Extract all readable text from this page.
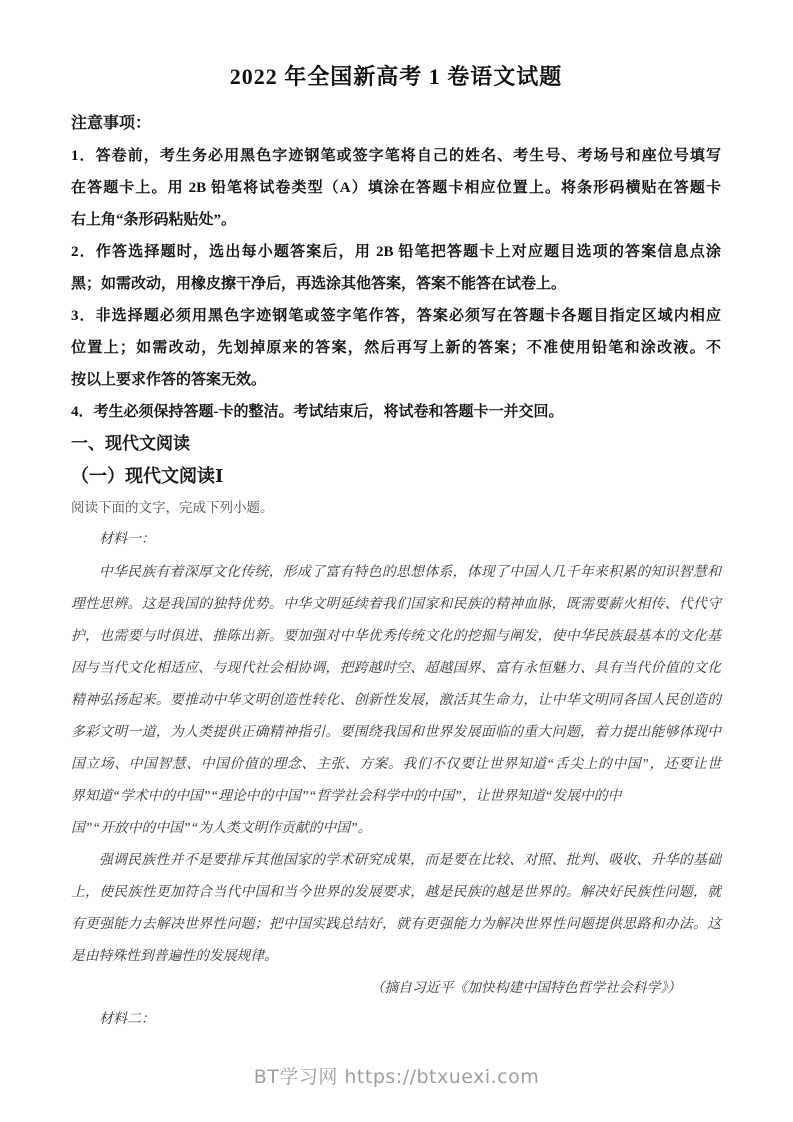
2022 年全国新高考 1 卷语文试题
注意事项：
1．答卷前，考生务必用黑色字迹钢笔或签字笔将自己的姓名、考生号、考场号和座位号填写
在答题卡上。用 2B 铅笔将试卷类型（A）填涂在答题卡相应位置上。将条形码横贴在答题卡
右上角“条形码粘贴处”。
2．作答选择题时，选出每小题答案后，用 2B 铅笔把答题卡上对应题目选项的答案信息点涂
黑；如需改动，用橡皮擦干净后，再选涂其他答案，答案不能答在试卷上。
3．非选择题必须用黑色字迹钢笔或签字笔作答，答案必须写在答题卡各题目指定区域内相应
位置上；如需改动，先划掉原来的答案，然后再写上新的答案；不准使用铅笔和涂改液。不
按以上要求作答的答案无效。
4．考生必须保持答题-卡的整洁。考试结束后，将试卷和答题卡一并交回。
一、现代文阅读
（一）现代文阅读Ⅰ
阅读下面的文字，完成下列小题。
材料一：
中华民族有着深厚文化传统，形成了富有特色的思想体系，体现了中国人几千年来积累的知识智慧和
理性思辨。这是我国的独特优势。中华文明延续着我们国家和民族的精神血脉，既需要薪火相传、代代守
护，也需要与时俱进、推陈出新。要加强对中华优秀传统文化的挖掘与阐发，使中华民族最基本的文化基
因与当代文化相适应、与现代社会相协调，把跨越时空、超越国界、富有永恒魅力、具有当代价值的文化
精神弘扬起来。要推动中华文明创造性转化、创新性发展，激活其生命力，让中华文明同各国人民创造的
多彩文明一道，为人类提供正确精神指引。要围绕我国和世界发展面临的重大问题，着力提出能够体现中
国立场、中国智慧、中国价值的理念、主张、方案。我们不仅要让世界知道“舌尖上的中国”，还要让世
界知道“学术中的中国”“理论中的中国”“哲学社会科学中的中国”，让世界知道“发展中的中
国”“开放中的中国”“为人类文明作贡献的中国”。
强调民族性并不是要排斥其他国家的学术研究成果，而是要在比较、对照、批判、吸收、升华的基础
上，使民族性更加符合当代中国和当今世界的发展要求，越是民族的越是世界的。解决好民族性问题，就
有更强能力去解决世界性问题；把中国实践总结好，就有更强能力为解决世界性问题提供思路和办法。这
是由特殊性到普遍性的发展规律。
（摘自习近平《加快构建中国特色哲学社会科学》）
材料二：
BT学习网 https://btxuexi.com
